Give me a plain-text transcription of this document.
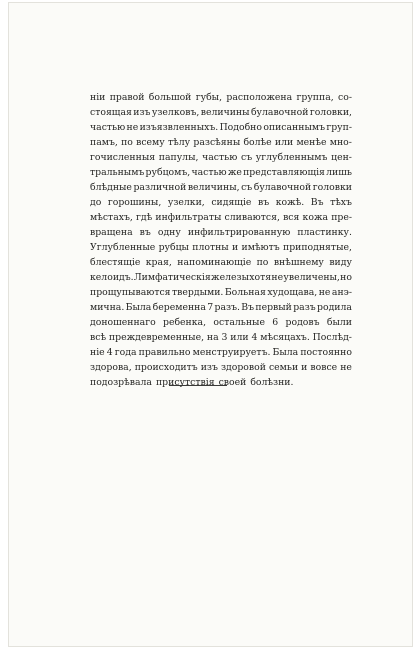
ніи правой большой губы, расположена группа, со-
стоящая изъ узелковъ, величины булавочной головки,
частью не изъязвленныхъ. Подобно описаннымъ груп-
памъ, по всему тѣлу разсѣяны болѣе или менѣе мно-
гочисленныя папулы, частью съ углубленнымъ цен-
тральнымъ рубцомъ, частью же представляющія лишь
блѣдные различной величины, съ булавочной головки
до горошины, узелки, сидящіе въ кожѣ. Въ тѣхъ
мѣстахъ, гдѣ инфильтраты сливаются, вся кожа пре-
вращена въ одну инфильтрированную пластинку.
Углубленные рубцы плотны и имѣютъ приподнятые,
блестящіе края, напоминающіе по внѣшнему виду
келоидъ. Лимфатическія железы хотя не увеличены, но
прощупываются твердыми. Больная худощава, не анэ-
мична. Была беременна 7 разъ. Въ первый разъ родила
доношеннаго ребенка, остальные 6 родовъ были
всѣ преждевременные, на 3 или 4 мѣсяцахъ. Послѣд-
ніе 4 года правильно менструируетъ. Была постоянно
здорова, происходитъ изъ здоровой семьи и вовсе не
подозрѣвала присутствія своей болѣзни.
